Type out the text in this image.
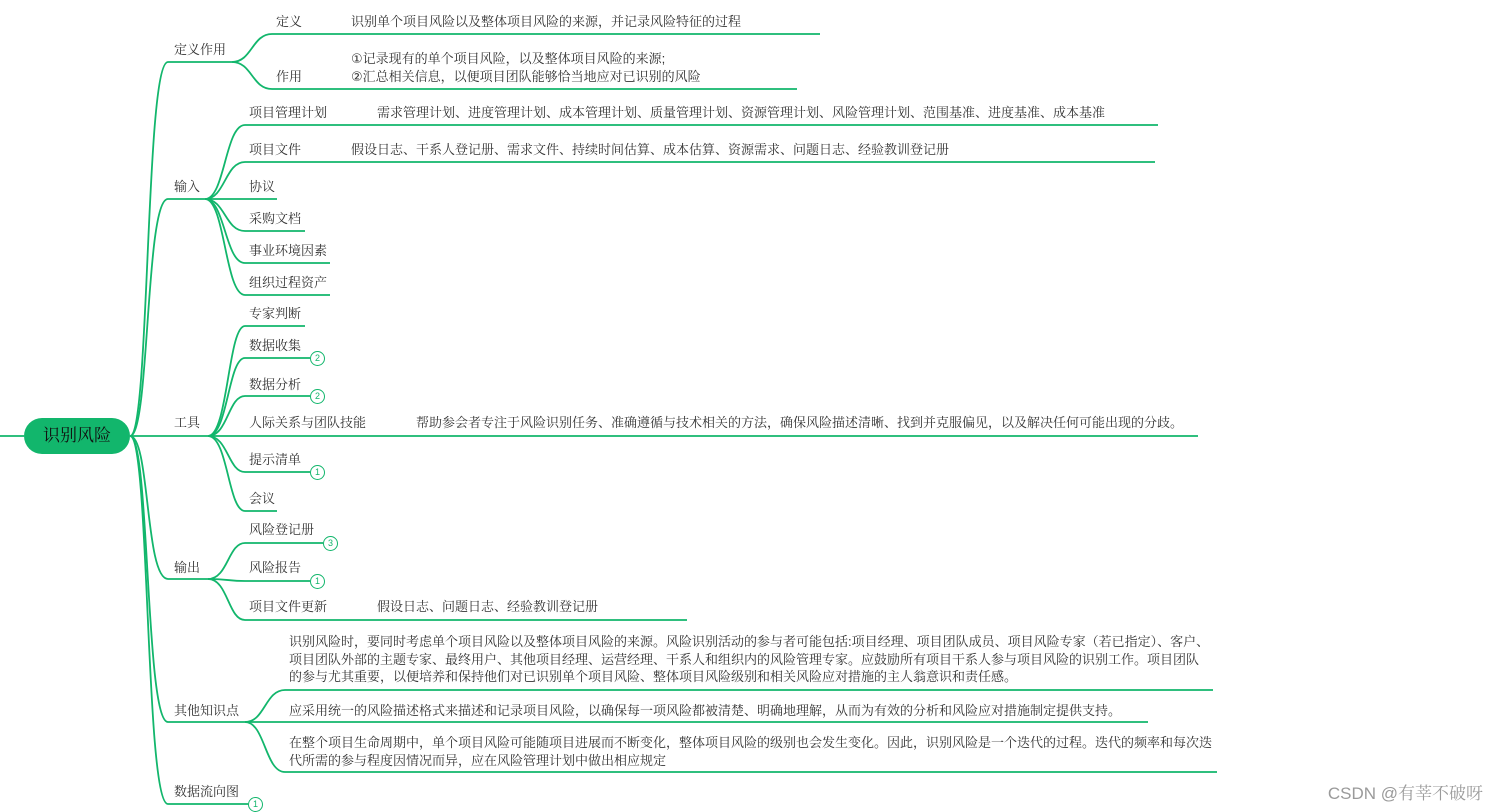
识别风险
定义作用
定义	识别单个项目风险以及整体项目风险的来源，并记录风险特征的过程
作用
①记录现有的单个项目风险，以及整体项目风险的来源;
②汇总相关信息，以便项目团队能够恰当地应对已识别的风险
输入
项目管理计划	需求管理计划、进度管理计划、成本管理计划、质量管理计划、资源管理计划、风险管理计划、范围基准、进度基准、成本基准
项目文件	假设日志、干系人登记册、需求文件、持续时间估算、成本估算、资源需求、问题日志、经验教训登记册
协议
采购文档
事业环境因素
组织过程资产
工具
专家判断
数据收集
2
数据分析
2
人际关系与团队技能	帮助参会者专注于风险识别任务、准确遵循与技术相关的方法，确保风险描述清晰、找到并克服偏见，以及解决任何可能出现的分歧。
提示清单
1
会议
输出
风险登记册
3
风险报告
1
项目文件更新	假设日志、问题日志、经验教训登记册
其他知识点
识别风险时，要同时考虑单个项目风险以及整体项目风险的来源。风险识别活动的参与者可能包括:项目经理、项目团队成员、项目风险专家（若已指定）、客户、项目团队外部的主题专家、最终用户、其他项目经理、运营经理、干系人和组织内的风险管理专家。应鼓励所有项目干系人参与项目风险的识别工作。项目团队的参与尤其重要，以便培养和保持他们对已识别单个项目风险、整体项目风险级别和相关风险应对措施的主人翁意识和责任感。
应采用统一的风险描述格式来描述和记录项目风险，以确保每一项风险都被清楚、明确地理解，从而为有效的分析和风险应对措施制定提供支持。
在整个项目生命周期中，单个项目风险可能随项目进展而不断变化，整体项目风险的级别也会发生变化。因此，识别风险是一个迭代的过程。迭代的频率和每次迭代所需的参与程度因情况而异，应在风险管理计划中做出相应规定
数据流向图
1
CSDN @有莘不破呀
